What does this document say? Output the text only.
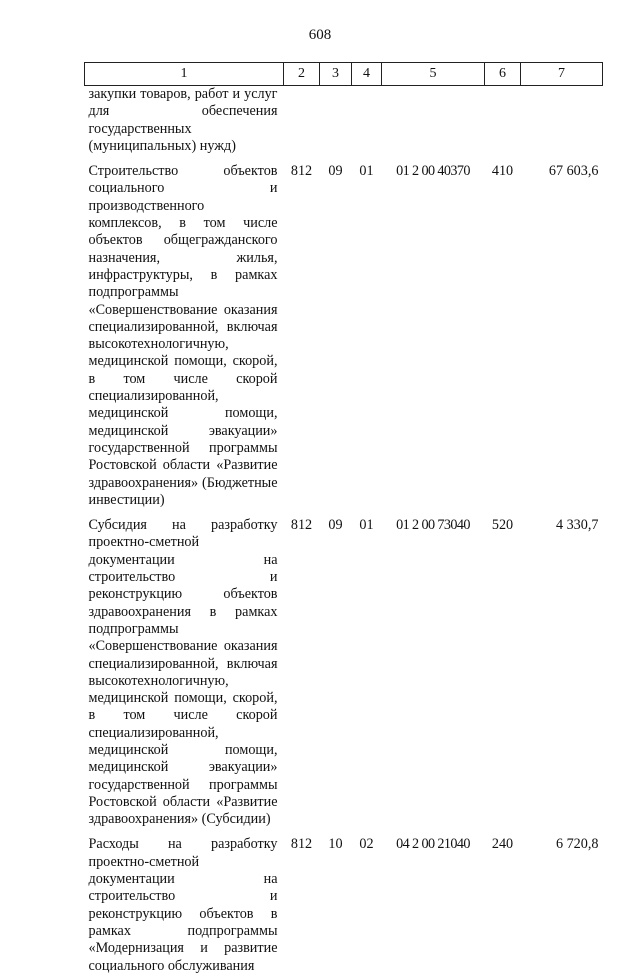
608
1	2	3	4	5	6	7
закупки товаров, работ и услуг для обеспечения государственных (муниципальных) нужд)						
Строительство объектов социального и производственного комплексов, в том числе объектов общегражданского назначения, жилья, инфраструктуры, в рамках подпрограммы «Совершенствование оказания специализированной, включая высокотехнологичную, медицинской помощи, скорой, в том числе скорой специализированной, медицинской помощи, медицинской эвакуации» государственной программы Ростовской области «Развитие здравоохранения» (Бюджетные инвестиции)	812	09	01	01 2 00 40370	410	67 603,6
Субсидия на разработку проектно-сметной документации на строительство и реконструкцию объектов здравоохранения в рамках подпрограммы «Совершенствование оказания специализированной, включая высокотехнологичную, медицинской помощи, скорой, в том числе скорой специализированной, медицинской помощи, медицинской эвакуации» государственной программы Ростовской области «Развитие здравоохранения» (Субсидии)	812	09	01	01 2 00 73040	520	4 330,7
Расходы на разработку проектно-сметной документации на строительство и реконструкцию объектов в рамках подпрограммы «Модернизация и развитие социального обслуживания	812	10	02	04 2 00 21040	240	6 720,8
